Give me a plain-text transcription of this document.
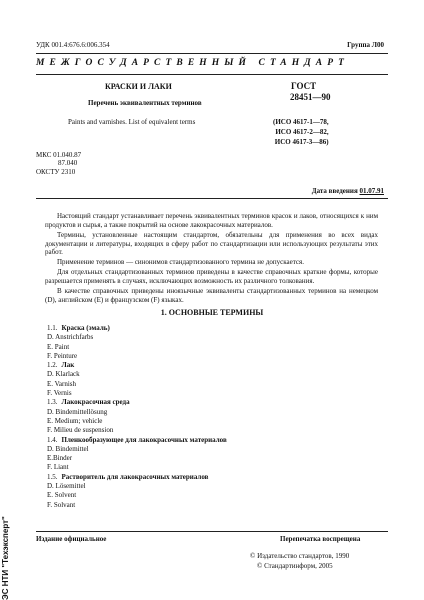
УДК 001.4:676.6:006.354	Группа Л00
МЕЖГОСУДАРСТВЕННЫЙ СТАНДАРТ
КРАСКИ И ЛАКИ
Перечень эквивалентных терминов
Paints and varnishes. List of equivalent terms
ГОСТ
28451—90
(ИСО 4617-1—78,
ИСО 4617-2—82,
ИСО 4617-3—86)
МКС 01.040.87
87.040
ОКСТУ 2310
Дата введения 01.07.91
Настоящий стандарт устанавливает перечень эквивалентных терминов красок и лаков, относящихся к ним продуктов и сырья, а также покрытий на основе лакокрасочных материалов.
Термины, установленные настоящим стандартом, обязательны для применения во всех видах документации и литературы, входящих в сферу работ по стандартизации или использующих результаты этих работ.
Применение терминов — синонимов стандартизованного термина не допускается.
Для отдельных стандартизованных терминов приведены в качестве справочных краткие формы, которые разрешается применять в случаях, исключающих возможность их различного толкования.
В качестве справочных приведены иноязычные эквиваленты стандартизованных терминов на немецком (D), английском (E) и французском (F) языках.
1. ОСНОВНЫЕ ТЕРМИНЫ
1.1. Краска (эмаль)
D. Anstrichfarbs
E. Paint
F. Peinture
1.2. Лак
D. Klarlack
E. Varnish
F. Vernis
1.3. Лакокрасочная среда
D. Bindemittellösung
E. Medium; vehicle
F. Milieu de suspension
1.4. Пленкообразующее для лакокрасочных материалов
D. Bindemittel
E.Binder
F. Liant
1.5. Растворитель для лакокрасочных материалов
D. Lösemittel
E. Solvent
F. Solvant
Издание официальное	Перепечатка воспрещена
© Издательство стандартов, 1990
© Стандартинформ, 2005
ЭС НТИ "Техэксперт"
